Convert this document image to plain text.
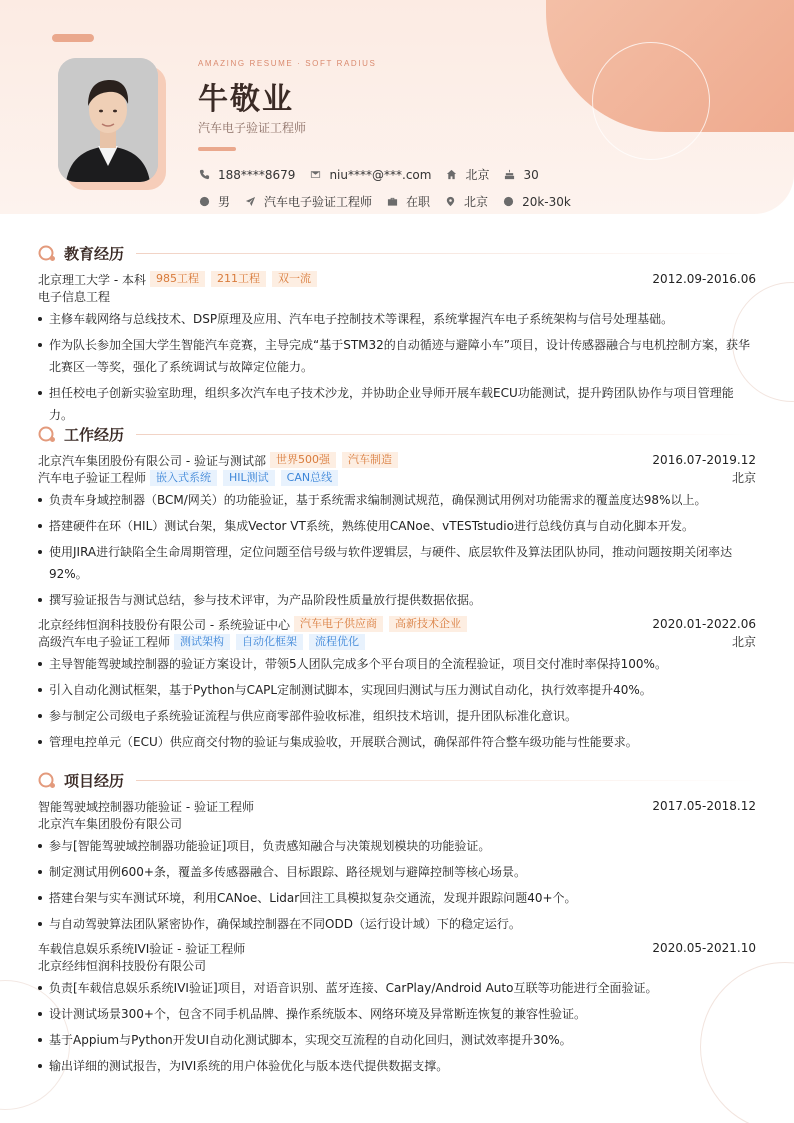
AMAZING RESUME · SOFT RADIUS
牛敬业
汽车电子验证工程师
188****8679	niu****@***.com	北京	30
男	汽车电子验证工程师	在职	北京	20k-30k
教育经历
北京理工大学 - 本科 985工程	211工程	双一流	2012.09-2016.06
电子信息工程
主修车载网络与总线技术、DSP原理及应用、汽车电子控制技术等课程，系统掌握汽车电子系统架构与信号处理基础。
作为队长参加全国大学生智能汽车竞赛，主导完成“基于STM32的自动循迹与避障小车”项目，设计传感器融合与电机控制方案，获华北赛区一等奖，强化了系统调试与故障定位能力。
担任校电子创新实验室助理，组织多次汽车电子技术沙龙，并协助企业导师开展车载ECU功能测试，提升跨团队协作与项目管理能力。
工作经历
北京汽车集团股份有限公司 - 验证与测试部 世界500强	汽车制造	2016.07-2019.12
汽车电子验证工程师 嵌入式系统	HIL测试	CAN总线	北京
负责车身域控制器（BCM/网关）的功能验证，基于系统需求编制测试规范，确保测试用例对功能需求的覆盖度达98%以上。
搭建硬件在环（HIL）测试台架，集成Vector VT系统，熟练使用CANoe、vTESTstudio进行总线仿真与自动化脚本开发。
使用JIRA进行缺陷全生命周期管理，定位问题至信号级与软件逻辑层，与硬件、底层软件及算法团队协同，推动问题按期关闭率达92%。
撰写验证报告与测试总结，参与技术评审，为产品阶段性质量放行提供数据依据。
北京经纬恒润科技股份有限公司 - 系统验证中心 汽车电子供应商	高新技术企业	2020.01-2022.06
高级汽车电子验证工程师 测试架构	自动化框架	流程优化	北京
主导智能驾驶域控制器的验证方案设计，带领5人团队完成多个平台项目的全流程验证，项目交付准时率保持100%。
引入自动化测试框架，基于Python与CAPL定制测试脚本，实现回归测试与压力测试自动化，执行效率提升40%。
参与制定公司级电子系统验证流程与供应商零部件验收标准，组织技术培训，提升团队标准化意识。
管理电控单元（ECU）供应商交付物的验证与集成验收，开展联合测试，确保部件符合整车级功能与性能要求。
项目经历
智能驾驶域控制器功能验证 - 验证工程师	2017.05-2018.12
北京汽车集团股份有限公司
参与[智能驾驶域控制器功能验证]项目，负责感知融合与决策规划模块的功能验证。
制定测试用例600+条，覆盖多传感器融合、目标跟踪、路径规划与避障控制等核心场景。
搭建台架与实车测试环境，利用CANoe、Lidar回注工具模拟复杂交通流，发现并跟踪问题40+个。
与自动驾驶算法团队紧密协作，确保域控制器在不同ODD（运行设计域）下的稳定运行。
车载信息娱乐系统IVI验证 - 验证工程师	2020.05-2021.10
北京经纬恒润科技股份有限公司
负责[车载信息娱乐系统IVI验证]项目，对语音识别、蓝牙连接、CarPlay/Android Auto互联等功能进行全面验证。
设计测试场景300+个，包含不同手机品牌、操作系统版本、网络环境及异常断连恢复的兼容性验证。
基于Appium与Python开发UI自动化测试脚本，实现交互流程的自动化回归，测试效率提升30%。
输出详细的测试报告，为IVI系统的用户体验优化与版本迭代提供数据支撑。
